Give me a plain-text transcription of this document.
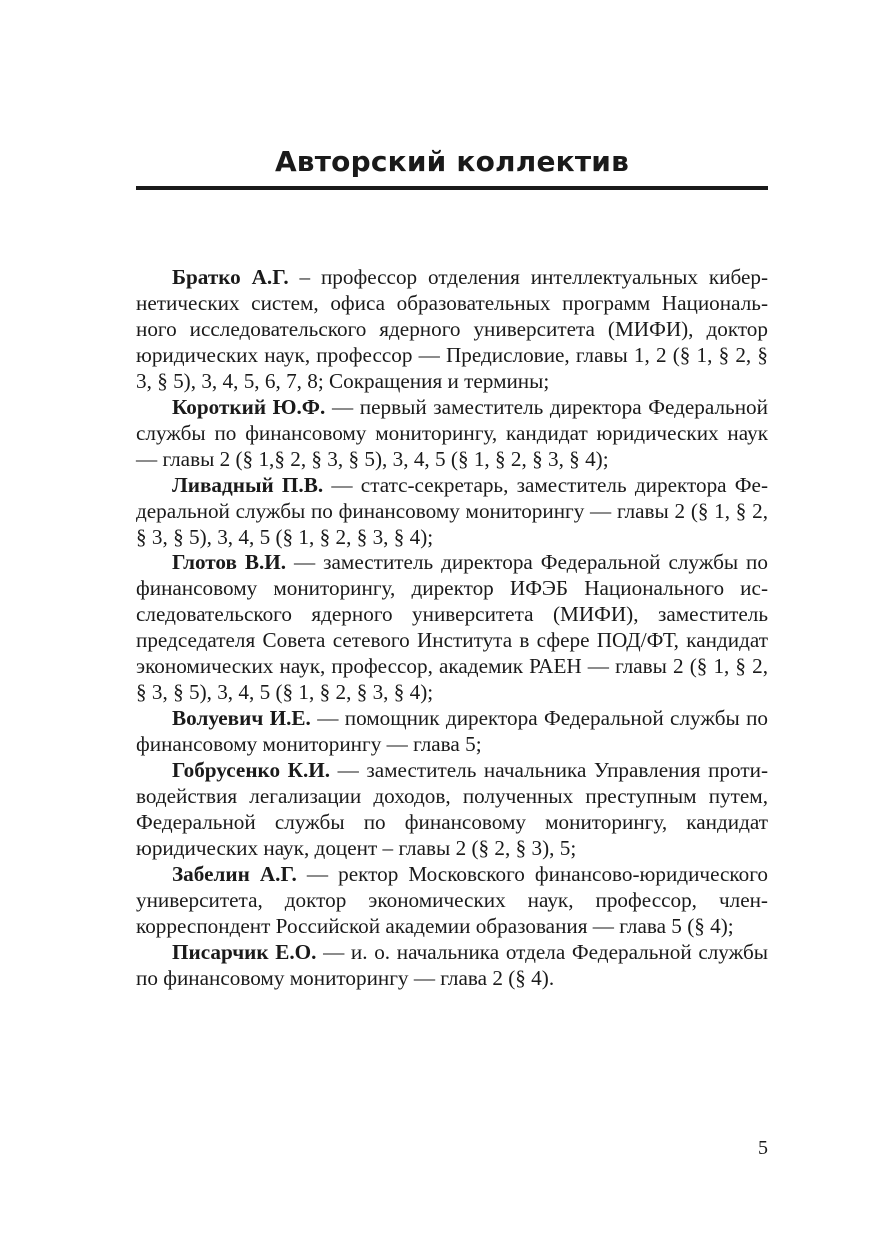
Авторский коллектив

Братко А.Г. – профессор отделения интеллектуальных кибернетических систем, офиса образовательных программ Национального исследовательского ядерного университета (МИФИ), доктор юридических наук, профессор — Предисловие, главы 1, 2 (§ 1, § 2, § 3, § 5), 3, 4, 5, 6, 7, 8; Сокращения и термины;

Короткий Ю.Ф. — первый заместитель директора Федеральной службы по финансовому мониторингу, кандидат юридических наук — главы 2 (§ 1,§ 2, § 3, § 5), 3, 4, 5 (§ 1, § 2, § 3, § 4);

Ливадный П.В. — статс-секретарь, заместитель директора Федеральной службы по финансовому мониторингу — главы 2 (§ 1, § 2, § 3, § 5), 3, 4, 5 (§ 1, § 2, § 3, § 4);

Глотов В.И. — заместитель директора Федеральной службы по финансовому мониторингу, директор ИФЭБ Национального исследовательского ядерного университета (МИФИ), заместитель председателя Совета сетевого Института в сфере ПОД/ФТ, кандидат экономических наук, профессор, академик РАЕН — главы 2 (§ 1, § 2, § 3, § 5), 3, 4, 5 (§ 1, § 2, § 3, § 4);

Волуевич И.Е. — помощник директора Федеральной службы по финансовому мониторингу — глава 5;

Гобрусенко К.И. — заместитель начальника Управления противодействия легализации доходов, полученных преступным путем, Федеральной службы по финансовому мониторингу, кандидат юридических наук, доцент – главы 2 (§ 2, § 3), 5;

Забелин А.Г. — ректор Московского финансово-юридического университета, доктор экономических наук, профессор, член-корреспондент Российской академии образования — глава 5 (§ 4);

Писарчик Е.О. — и. о. начальника отдела Федеральной службы по финансовому мониторингу — глава 2 (§ 4).

5
